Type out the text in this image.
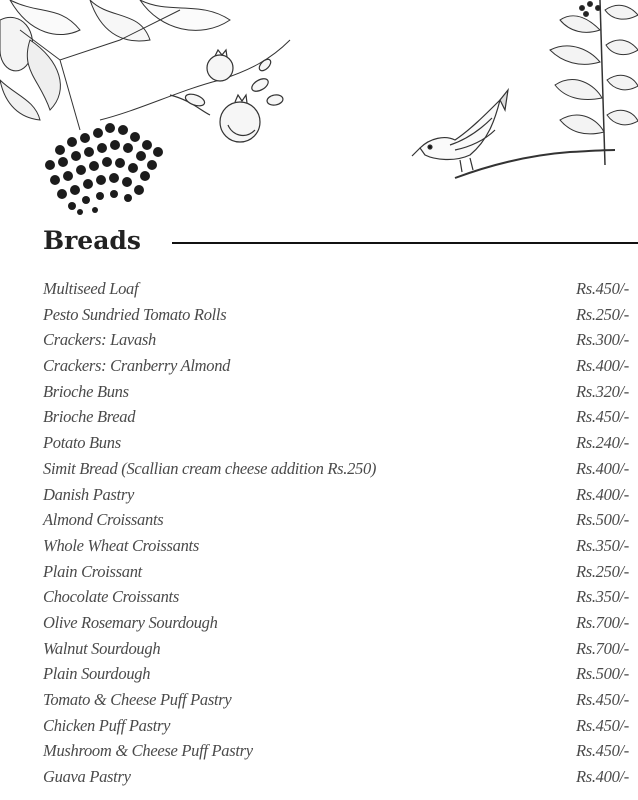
Breads
Multiseed Loaf	Rs.450/-
Pesto Sundried Tomato Rolls	Rs.250/-
Crackers: Lavash	Rs.300/-
Crackers: Cranberry Almond	Rs.400/-
Brioche Buns	Rs.320/-
Brioche Bread	Rs.450/-
Potato Buns	Rs.240/-
Simit Bread (Scallian cream cheese addition Rs.250)	Rs.400/-
Danish Pastry	Rs.400/-
Almond Croissants	Rs.500/-
Whole Wheat Croissants	Rs.350/-
Plain Croissant	Rs.250/-
Chocolate Croissants	Rs.350/-
Olive Rosemary Sourdough	Rs.700/-
Walnut Sourdough	Rs.700/-
Plain Sourdough	Rs.500/-
Tomato & Cheese Puff Pastry	Rs.450/-
Chicken Puff Pastry	Rs.450/-
Mushroom & Cheese Puff Pastry	Rs.450/-
Guava Pastry	Rs.400/-
